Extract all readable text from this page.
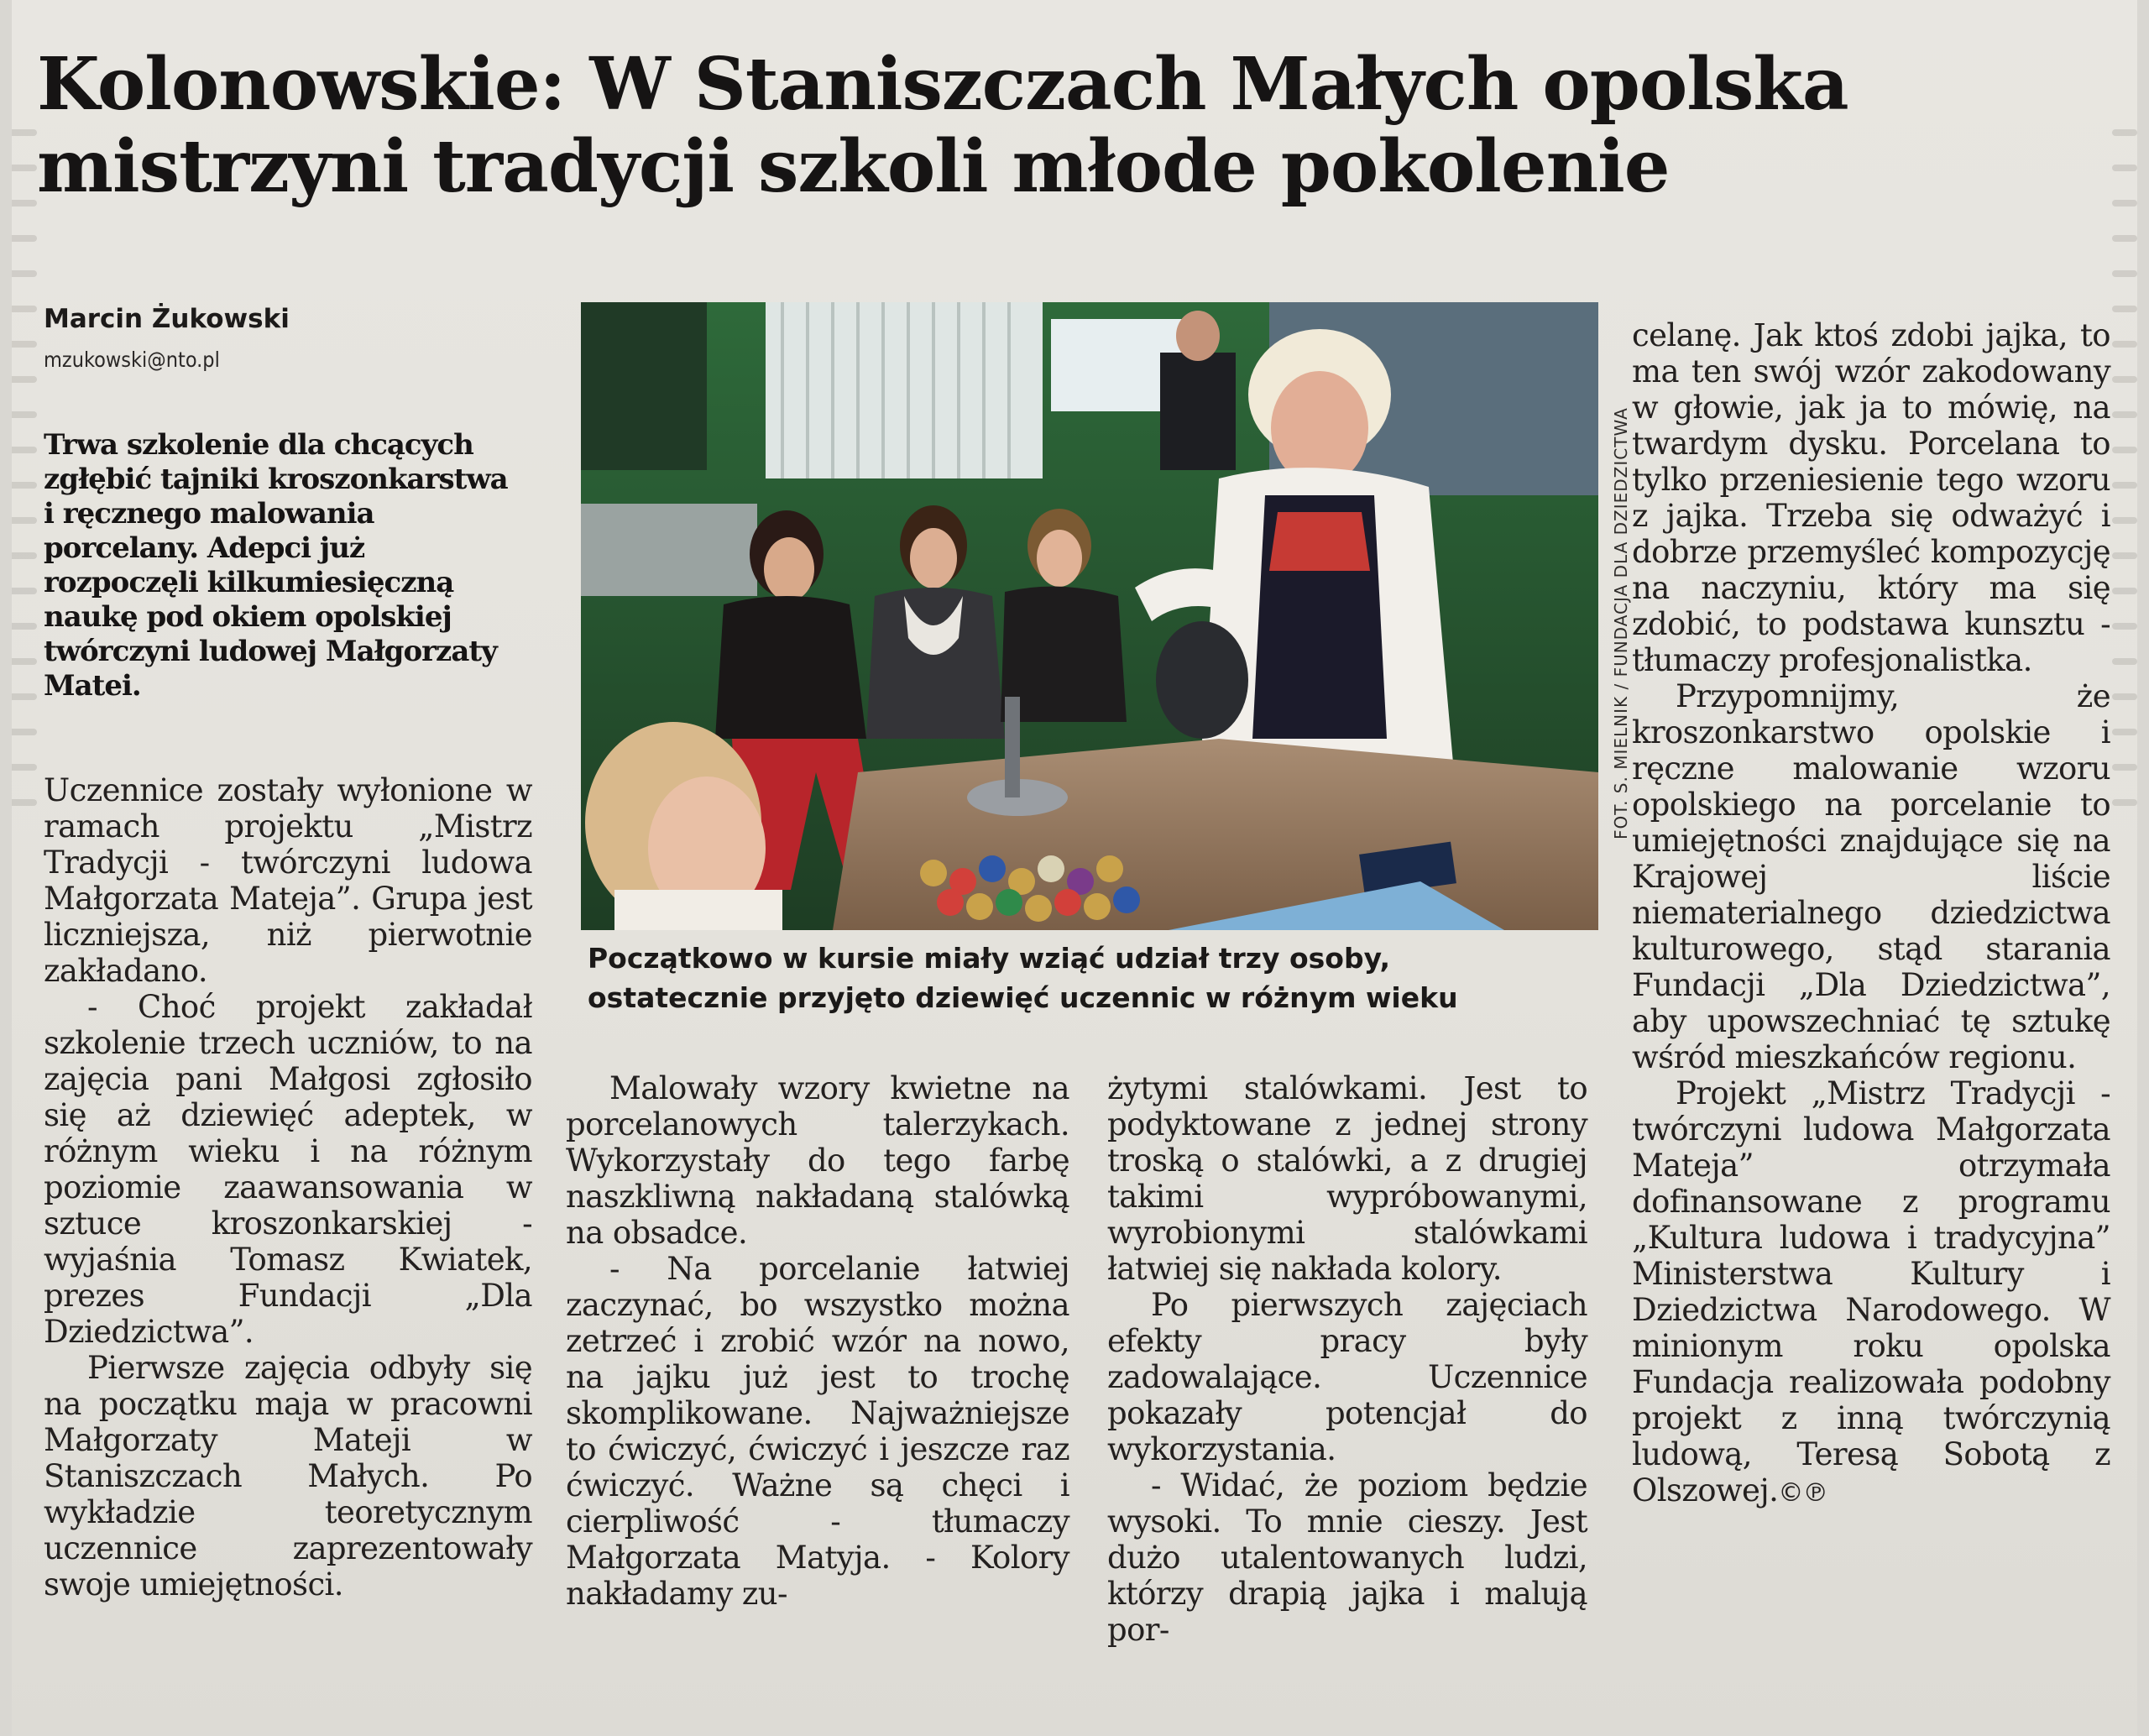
Kolonowskie: W Staniszczach Małych opolska
mistrzyni tradycji szkoli młode pokolenie
Marcin Żukowski
mzukowski@nto.pl
Trwa szkolenie dla chcących zgłębić tajniki kroszonkarstwa i ręcznego malowania porcelany. Adepci już rozpoczęli kilkumiesięczną naukę pod okiem opolskiej twórczyni ludowej Małgorzaty Matei.

Uczennice zostały wyłonione w ramach projektu „Mistrz Tradycji - twórczyni ludowa Małgorzata Mateja”. Grupa jest liczniejsza, niż pierwotnie zakładano.

- Choć projekt zakładał szkolenie trzech uczniów, to na zajęcia pani Małgosi zgłosiło się aż dziewięć adeptek, w różnym wieku i na różnym poziomie zaawansowania w sztuce kroszonkarskiej - wyjaśnia Tomasz Kwiatek, prezes Fundacji „Dla Dziedzictwa”.

Pierwsze zajęcia odbyły się na początku maja w pracowni Małgorzaty Mateji w Staniszczach Małych. Po wykładzie teoretycznym uczennice zaprezentowały swoje umiejętności.

FOT. S. MIELNIK / FUNDACJA DLA DZIEDZICTWA
Początkowo w kursie miały wziąć udział trzy osoby,
ostatecznie przyjęto dziewięć uczennic w różnym wieku

Malowały wzory kwietne na porcelanowych talerzykach. Wykorzystały do tego farbę naszkliwną nakładaną stalówką na obsadce.

- Na porcelanie łatwiej zaczynać, bo wszystko można zetrzeć i zrobić wzór na nowo, na jajku już jest to trochę skomplikowane. Najważniejsze to ćwiczyć, ćwiczyć i jeszcze raz ćwiczyć. Ważne są chęci i cierpliwość - tłumaczy Małgorzata Matyja. - Kolory nakładamy zu-

żytymi stalówkami. Jest to podyktowane z jednej strony troską o stalówki, a z drugiej takimi wypróbowanymi, wyrobionymi stalówkami łatwiej się nakłada kolory.

Po pierwszych zajęciach efekty pracy były zadowalające. Uczennice pokazały potencjał do wykorzystania.

- Widać, że poziom będzie wysoki. To mnie cieszy. Jest dużo utalentowanych ludzi, którzy drapią jajka i malują por-

celanę. Jak ktoś zdobi jajka, to ma ten swój wzór zakodowany w głowie, jak ja to mówię, na twardym dysku. Porcelana to tylko przeniesienie tego wzoru z jajka. Trzeba się odważyć i dobrze przemyśleć kompozycję na naczyniu, który ma się zdobić, to podstawa kunsztu - tłumaczy profesjonalistka.

Przypomnijmy, że kroszonkarstwo opolskie i ręczne malowanie wzoru opolskiego na porcelanie to umiejętności znajdujące się na Krajowej liście niematerialnego dziedzictwa kulturowego, stąd starania Fundacji „Dla Dziedzictwa”, aby upowszechniać tę sztukę wśród mieszkańców regionu.

Projekt „Mistrz Tradycji - twórczyni ludowa Małgorzata Mateja” otrzymała dofinansowane z programu „Kultura ludowa i tradycyjna” Ministerstwa Kultury i Dziedzictwa Narodowego. W minionym roku opolska Fundacja realizowała podobny projekt z inną twórczynią ludową, Teresą Sobotą z Olszowej.©℗
